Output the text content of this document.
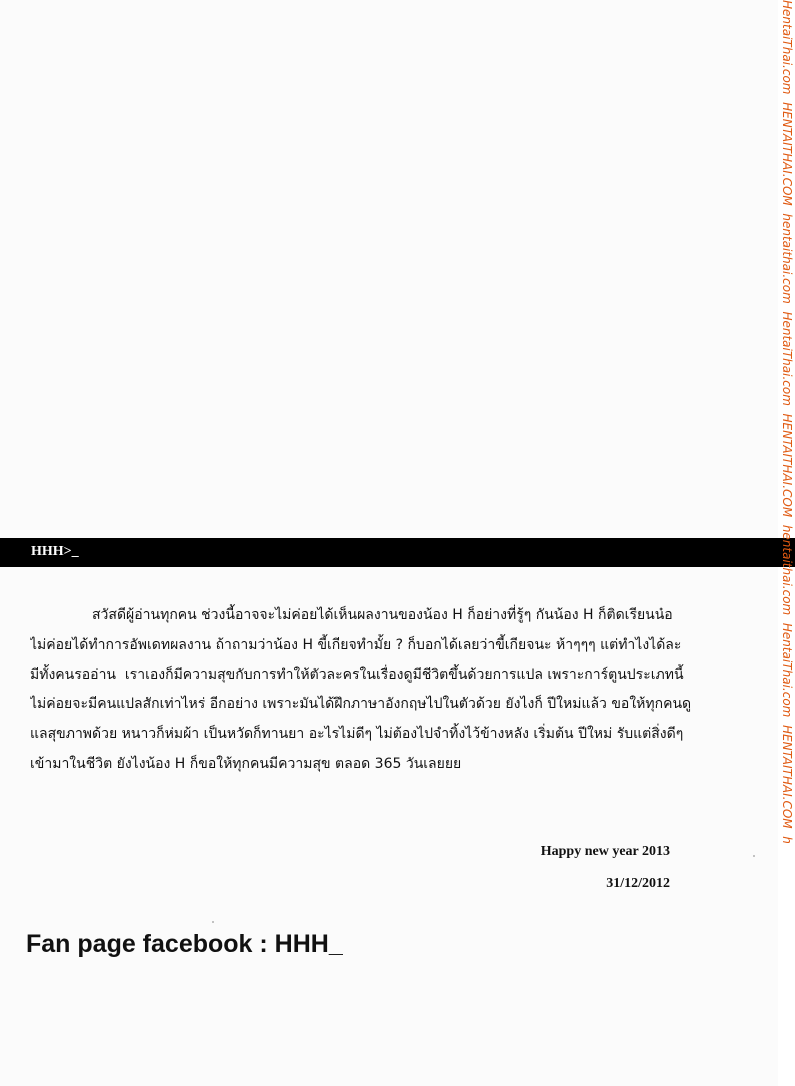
HHH>_
สวัสดีผู้อ่านทุกคน ช่วงนี้อาจจะไม่ค่อยได้เห็นผลงานของน้อง H ก็อย่างที่รู้ๆ กันน้อง H ก็ติดเรียนน๋อ
ไม่ค่อยได้ทำการอัพเดทผลงาน ถ้าถามว่าน้อง H ขี้เกียจทำมั้ย ? ก็บอกได้เลยว่าขี้เกียจนะ ห้าๆๆๆ แต่ทำไงได้ละ
มีทั้งคนรออ่าน  เราเองก็มีความสุขกับการทำให้ตัวละครในเรื่องดูมีชีวิตขึ้นด้วยการแปล เพราะการ์ตูนประเภทนี้
ไม่ค่อยจะมีคนแปลสักเท่าไหร่ อีกอย่าง เพราะมันได้ฝึกภาษาอังกฤษไปในตัวด้วย ยังไงก็ ปีใหม่แล้ว ขอให้ทุกคนดู
แลสุขภาพด้วย หนาวก็ห่มผ้า เป็นหวัดก็ทานยา อะไรไม่ดีๆ ไม่ต้องไปจำทิ้งไว้ข้างหลัง เริ่มต้น ปีใหม่ รับแต่สิ่งดีๆ
เข้ามาในชีวิต ยังไงน้อง H ก็ขอให้ทุกคนมีความสุข ตลอด 365 วันเลยยย
Happy new year 2013
31/12/2012
Fan page facebook : HHH_
HentaiThai.com  HENTAITHAI.COM  hentaithai.com  HentaiThai.com  HENTAITHAI.COM  hentaithai.com  HentaiThai.com  HENTAITHAI.COM  h
